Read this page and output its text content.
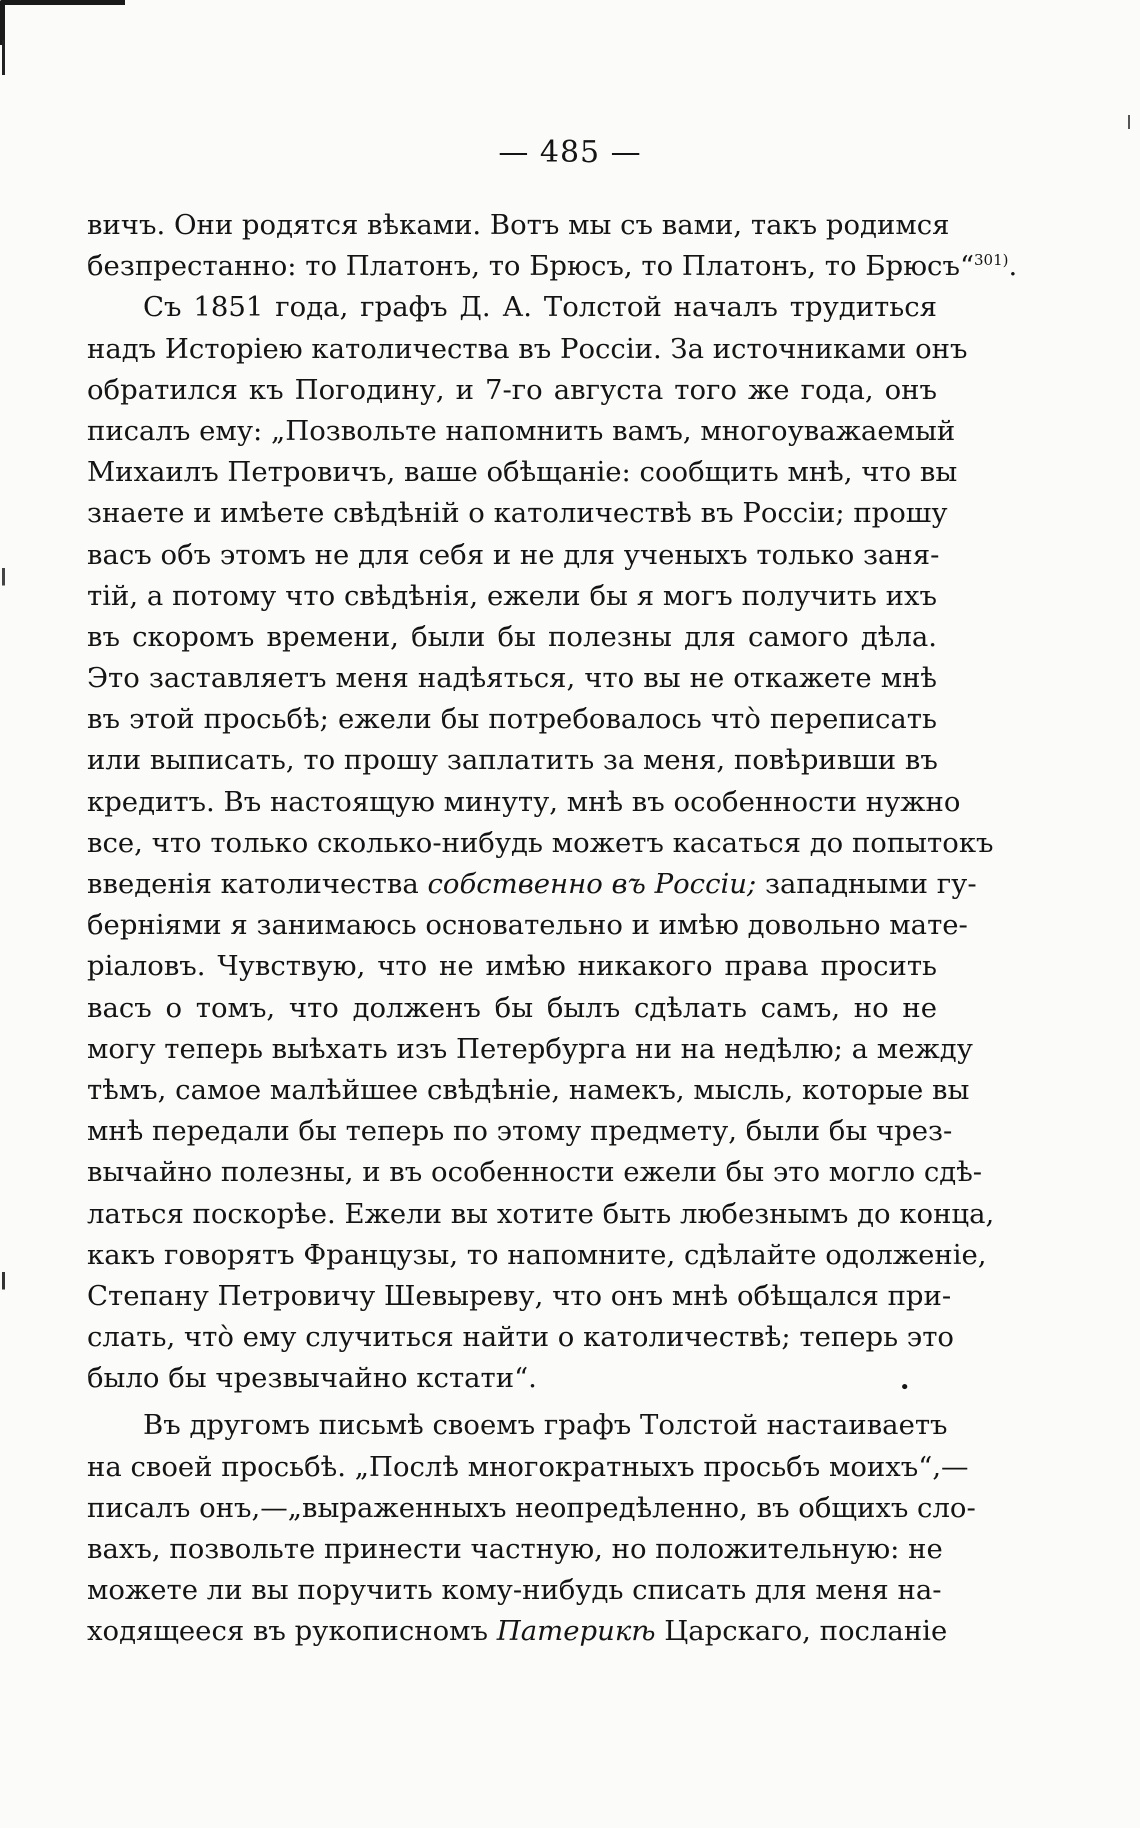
— 485 —
вичъ. Они родятся вѣками. Вотъ мы съ вами, такъ родимся
безпрестанно: то Платонъ, то Брюсъ, то Платонъ, то Брюсъ“$^{301)}$.
Съ 1851 года, графъ Д. А. Толстой началъ трудиться
надъ Исторіею католичества въ Россіи. За источниками онъ
обратился къ Погодину, и 7-го августа того же года, онъ
писалъ ему: „Позвольте напомнить вамъ, многоуважаемый
Михаилъ Петровичъ, ваше обѣщаніе: сообщить мнѣ, что вы
знаете и имѣете свѣдѣній о католичествѣ въ Россіи; прошу
васъ объ этомъ не для себя и не для ученыхъ только заня-
тій, а потому что свѣдѣнія, ежели бы я могъ получить ихъ
въ скоромъ времени, были бы полезны для самого дѣла.
Это заставляетъ меня надѣяться, что вы не откажете мнѣ
въ этой просьбѣ; ежели бы потребовалось что̀ переписать
или выписать, то прошу заплатить за меня, повѣривши въ
кредитъ. Въ настоящую минуту, мнѣ въ особенности нужно
все, что только сколько-нибудь можетъ касаться до попытокъ
введенія католичества собственно въ Россіи; западными гу-
берніями я занимаюсь основательно и имѣю довольно мате-
ріаловъ. Чувствую, что не имѣю никакого права просить
васъ о томъ, что долженъ бы былъ сдѣлать самъ, но не
могу теперь выѣхать изъ Петербурга ни на недѣлю; а между
тѣмъ, самое малѣйшее свѣдѣніе, намекъ, мысль, которые вы
мнѣ передали бы теперь по этому предмету, были бы чрез-
вычайно полезны, и въ особенности ежели бы это могло сдѣ-
латься поскорѣе. Ежели вы хотите быть любезнымъ до конца,
какъ говорятъ Французы, то напомните, сдѣлайте одолженіе,
Степану Петровичу Шевыреву, что онъ мнѣ обѣщался при-
слать, что̀ ему случиться найти о католичествѣ; теперь это
было бы чрезвычайно кстати“.
Въ другомъ письмѣ своемъ графъ Толстой настаиваетъ
на своей просьбѣ. „Послѣ многократныхъ просьбъ моихъ“,—
писалъ онъ,—„выраженныхъ неопредѣленно, въ общихъ сло-
вахъ, позвольте принести частную, но положительную: не
можете ли вы поручить кому-нибудь списать для меня на-
ходящееся въ рукописномъ Патерикѣ Царскаго, посланіе
•
